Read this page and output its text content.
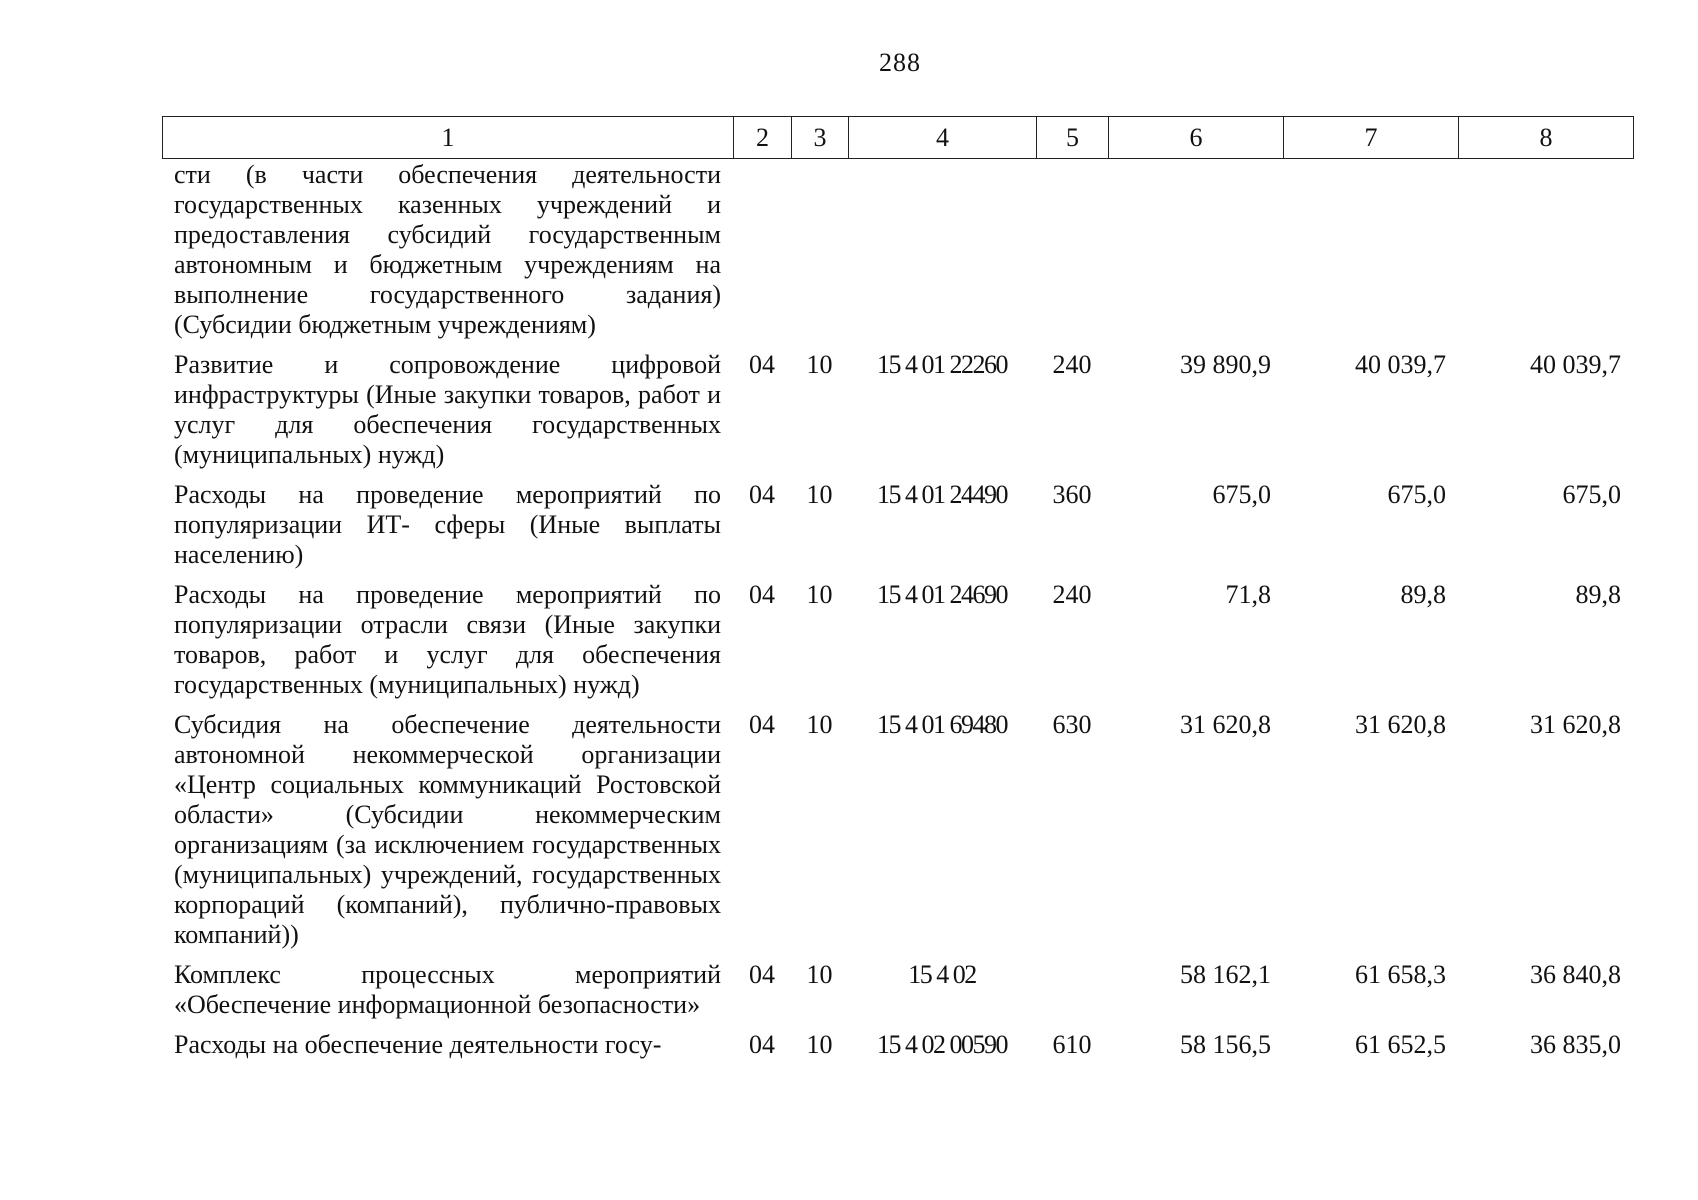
288
1	2	3	4	5	6	7	8
сти (в части обеспечения деятельности государственных казенных учреждений и предоставления субсидий государственным автономным и бюджетным учреждениям на выполнение государственного задания) (Субсидии бюджетным учреждениям)							
Развитие и сопровождение цифровой инфраструктуры (Иные закупки товаров, работ и услуг для обеспечения государственных (муниципальных) нужд)	04	10	15 4 01 22260	240	39 890,9	40 039,7	40 039,7
Расходы на проведение мероприятий по популяризации ИТ- сферы (Иные выплаты населению)	04	10	15 4 01 24490	360	675,0	675,0	675,0
Расходы на проведение мероприятий по популяризации отрасли связи (Иные закупки товаров, работ и услуг для обеспечения государственных (муниципальных) нужд)	04	10	15 4 01 24690	240	71,8	89,8	89,8
Субсидия на обеспечение деятельности автономной некоммерческой организации «Центр социальных коммуникаций Ростовской области» (Субсидии некоммерческим организациям (за исключением государственных (муниципальных) учреждений, государственных корпораций (компаний), публично-правовых компаний))	04	10	15 4 01 69480	630	31 620,8	31 620,8	31 620,8
Комплекс процессных мероприятий «Обеспечение информационной безопасности»	04	10	15 4 02		58 162,1	61 658,3	36 840,8
Расходы на обеспечение деятельности госу-	04	10	15 4 02 00590	610	58 156,5	61 652,5	36 835,0
